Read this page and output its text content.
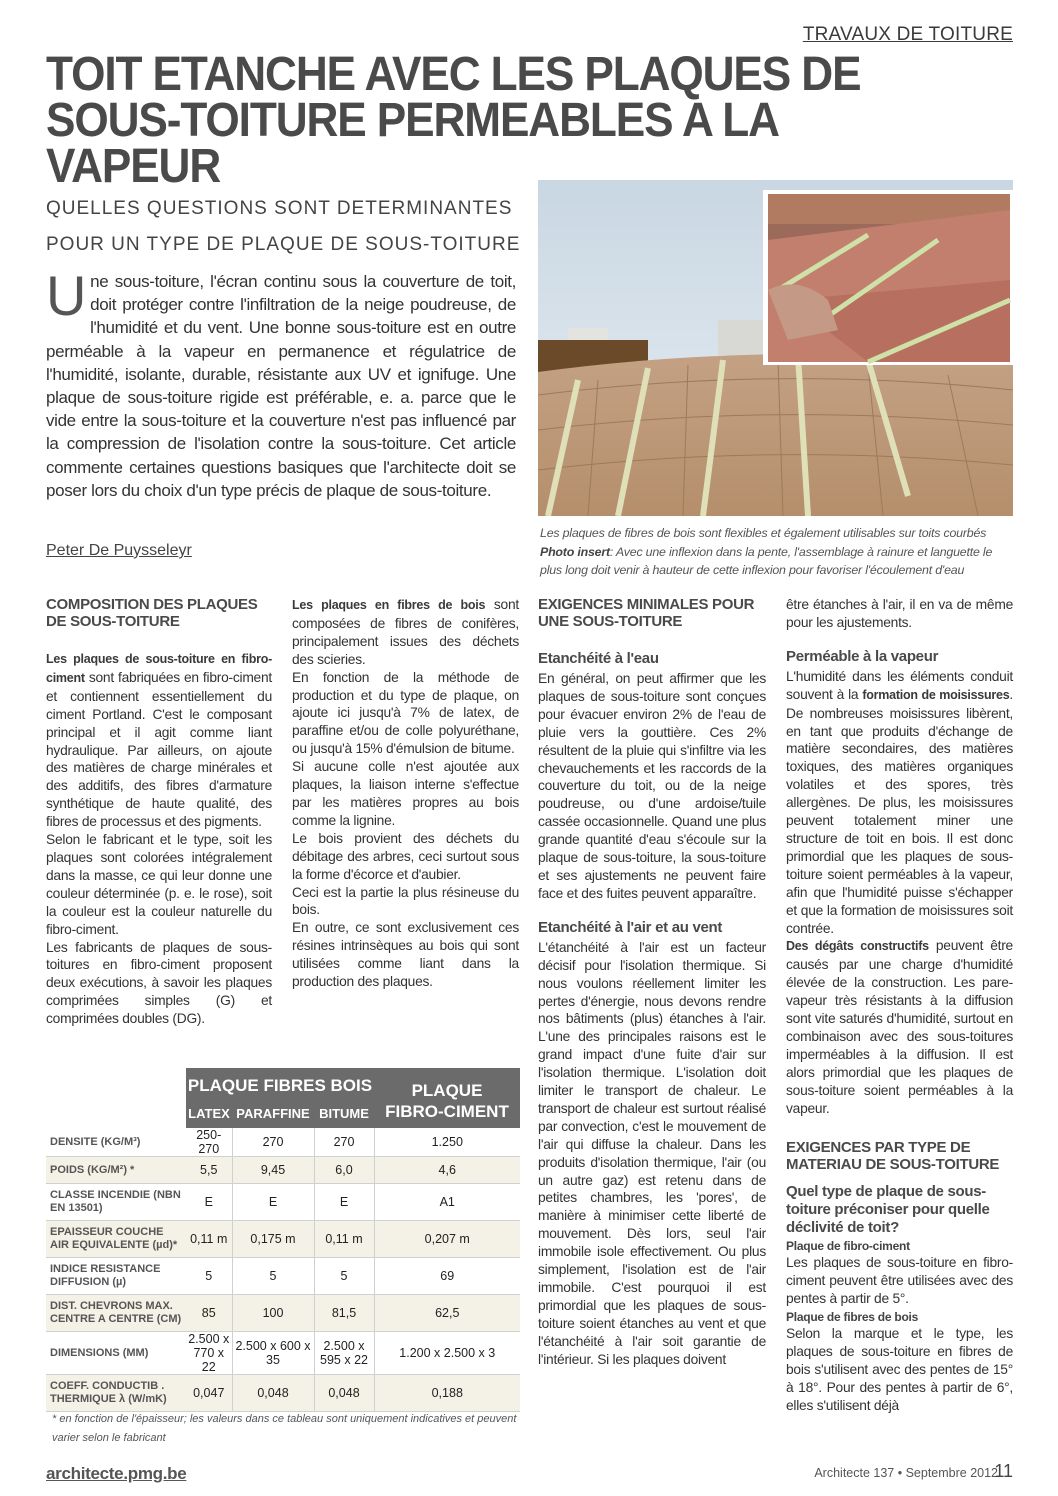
TRAVAUX DE TOITURE
TOIT ETANCHE AVEC LES PLAQUES DE SOUS-TOITURE PERMEABLES A LA VAPEUR
QUELLES QUESTIONS SONT DETERMINANTES
POUR UN TYPE DE PLAQUE DE SOUS-TOITURE
Une sous-toiture, l'écran continu sous la couverture de toit, doit protéger contre l'infiltration de la neige poudreuse, de l'humidité et du vent. Une bonne sous-toiture est en outre perméable à la vapeur en permanence et régulatrice de l'humidité, isolante, durable, résistante aux UV et ignifuge. Une plaque de sous-toiture rigide est préférable, e. a. parce que le vide entre la sous-toiture et la couverture n'est pas influencé par la compression de l'isolation contre la sous-toiture. Cet article commente certaines questions basiques que l'architecte doit se poser lors du choix d'un type précis de plaque de sous-toiture.
Peter De Puysseleyr
Les plaques de fibres de bois sont flexibles et également utilisables sur toits courbés
Photo insert: Avec une inflexion dans la pente, l'assemblage à rainure et languette le plus long doit venir à hauteur de cette inflexion pour favoriser l'écoulement d'eau
COMPOSITION DES PLAQUES DE SOUS-TOITURE

Les plaques de sous-toiture en fibro-ciment sont fabriquées en fibro-ciment et contiennent essentiellement du ciment Portland. C'est le composant principal et il agit comme liant hydraulique. Par ailleurs, on ajoute des matières de charge minérales et des additifs, des fibres d'armature synthétique de haute qualité, des fibres de processus et des pigments.

Selon le fabricant et le type, soit les plaques sont colorées intégralement dans la masse, ce qui leur donne une couleur déterminée (p. e. le rose), soit la couleur est la couleur naturelle du fibro-ciment.

Les fabricants de plaques de sous-toitures en fibro-ciment proposent deux exécutions, à savoir les plaques comprimées simples (G) et comprimées doubles (DG).

Les plaques en fibres de bois sont composées de fibres de conifères, principalement issues des déchets des scieries.

En fonction de la méthode de production et du type de plaque, on ajoute ici jusqu'à 7% de latex, de paraffine et/ou de colle polyuréthane, ou jusqu'à 15% d'émulsion de bitume.

Si aucune colle n'est ajoutée aux plaques, la liaison interne s'effectue par les matières propres au bois comme la lignine.

Le bois provient des déchets du débitage des arbres, ceci surtout sous la forme d'écorce et d'aubier.

Ceci est la partie la plus résineuse du bois.

En outre, ce sont exclusivement ces résines intrinsèques au bois qui sont utilisées comme liant dans la production des plaques.

EXIGENCES MINIMALES POUR UNE SOUS-TOITURE
Etanchéité à l'eau

En général, on peut affirmer que les plaques de sous-toiture sont conçues pour évacuer environ 2% de l'eau de pluie vers la gouttière. Ces 2% résultent de la pluie qui s'infiltre via les chevauchements et les raccords de la couverture du toit, ou de la neige poudreuse, ou d'une ardoise/tuile cassée occasionnelle. Quand une plus grande quantité d'eau s'écoule sur la plaque de sous-toiture, la sous-toiture et ses ajustements ne peuvent faire face et des fuites peuvent apparaître.

Etanchéité à l'air et au vent

L'étanchéité à l'air est un facteur décisif pour l'isolation thermique. Si nous voulons réellement limiter les pertes d'énergie, nous devons rendre nos bâtiments (plus) étanches à l'air. L'une des principales raisons est le grand impact d'une fuite d'air sur l'isolation thermique. L'isolation doit limiter le transport de chaleur. Le transport de chaleur est surtout réalisé par convection, c'est le mouvement de l'air qui diffuse la chaleur. Dans les produits d'isolation thermique, l'air (ou un autre gaz) est retenu dans de petites chambres, les 'pores', de manière à minimiser cette liberté de mouvement. Dès lors, seul l'air immobile isole effectivement. Ou plus simplement, l'isolation est de l'air immobile. C'est pourquoi il est primordial que les plaques de sous-toiture soient étanches au vent et que l'étanchéité à l'air soit garantie de l'intérieur. Si les plaques doivent

être étanches à l'air, il en va de même pour les ajustements.

Perméable à la vapeur

L'humidité dans les éléments conduit souvent à la formation de moisissures. De nombreuses moisissures libèrent, en tant que produits d'échange de matière secondaires, des matières toxiques, des matières organiques volatiles et des spores, très allergènes. De plus, les moisissures peuvent totalement miner une structure de toit en bois. Il est donc primordial que les plaques de sous-toiture soient perméables à la vapeur, afin que l'humidité puisse s'échapper et que la formation de moisissures soit contrée.

Des dégâts constructifs peuvent être causés par une charge d'humidité élevée de la construction. Les pare-vapeur très résistants à la diffusion sont vite saturés d'humidité, surtout en combinaison avec des sous-toitures imperméables à la diffusion. Il est alors primordial que les plaques de sous-toiture soient perméables à la vapeur.

EXIGENCES PAR TYPE DE MATERIAU DE SOUS-TOITURE
Quel type de plaque de sous-toiture préconiser pour quelle déclivité de toit?
Plaque de fibro-ciment

Les plaques de sous-toiture en fibro-ciment peuvent être utilisées avec des pentes à partir de 5°.

Plaque de fibres de bois

Selon la marque et le type, les plaques de sous-toiture en fibres de bois s'utilisent avec des pentes de 15° à 18°. Pour des pentes à partir de 6°, elles s'utilisent déjà

	PLAQUE FIBRES BOIS			PLAQUE
FIBRO-CIMENT
	LATEX	PARAFFINE	BITUME	
DENSITE (KG/M³)	250-270	270	270	1.250
POIDS (KG/M²) *	5,5	9,45	6,0	4,6
CLASSE INCENDIE (NBN EN 13501)	E	E	E	A1
EPAISSEUR COUCHE AIR EQUIVALENTE (µd)*	0,11 m	0,175 m	0,11 m	0,207 m
INDICE RESISTANCE DIFFUSION (µ)	5	5	5	69
DIST. CHEVRONS MAX. CENTRE A CENTRE (CM)	85	100	81,5	62,5
DIMENSIONS (MM)	2.500 x 770 x 22	2.500 x 600 x 35	2.500 x 595 x 22	1.200 x 2.500 x 3
COEFF. CONDUCTIB . THERMIQUE λ (W/mK)	0,047	0,048	0,048	0,188
* en fonction de l'épaisseur; les valeurs dans ce tableau sont uniquement indicatives et peuvent varier selon le fabricant
architecte.pmg.be	Architecte 137 • Septembre 2012
11
